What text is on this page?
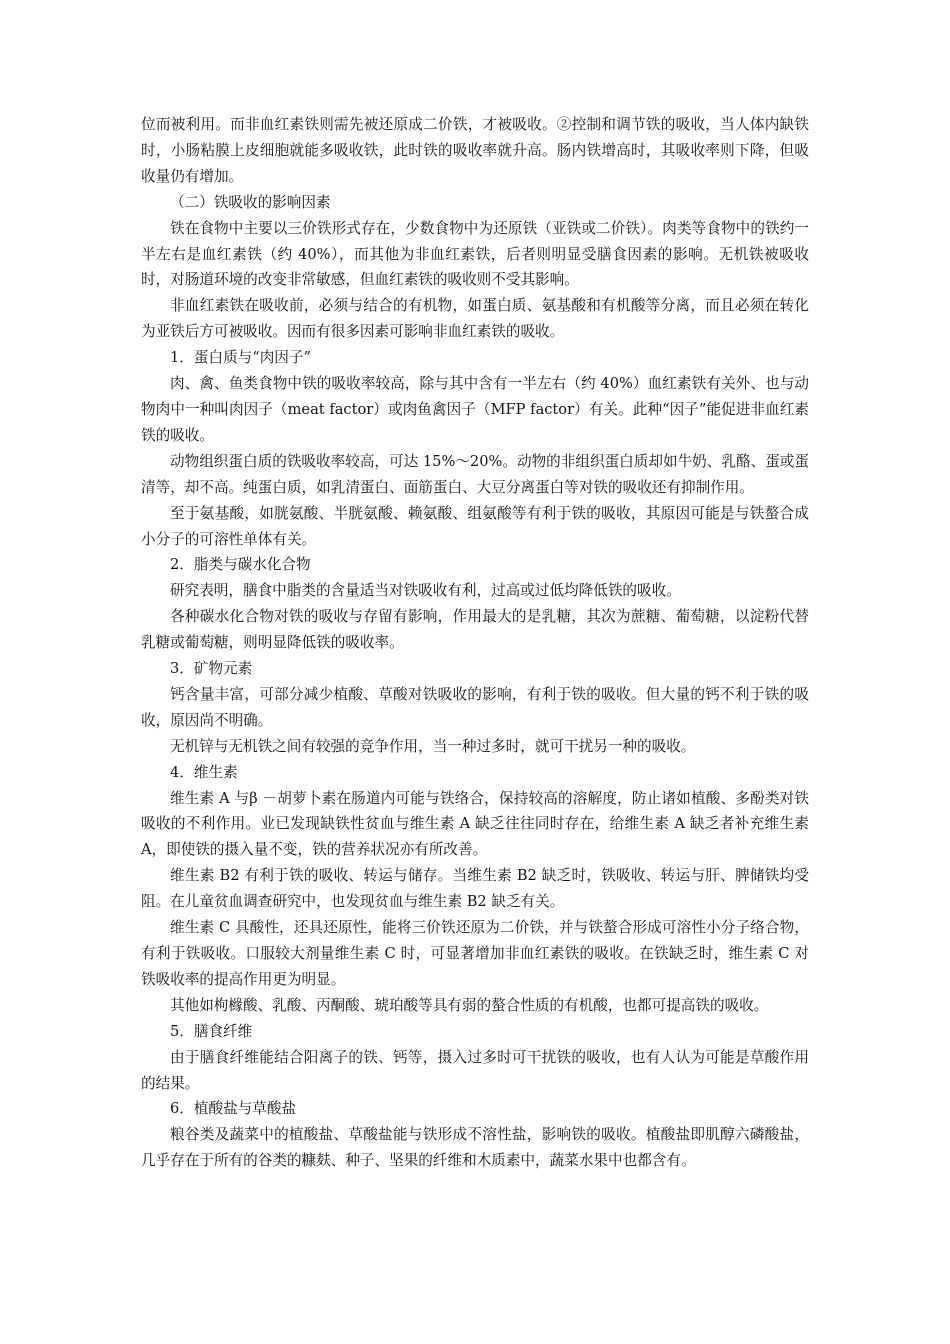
位而被利用。而非血红素铁则需先被还原成二价铁，才被吸收。②控制和调节铁的吸收，当人体内缺铁时，小肠粘膜上皮细胞就能多吸收铁，此时铁的吸收率就升高。肠内铁增高时，其吸收率则下降，但吸收量仍有增加。

（二）铁吸收的影响因素

铁在食物中主要以三价铁形式存在，少数食物中为还原铁（亚铁或二价铁）。肉类等食物中的铁约一半左右是血红素铁（约 40%），而其他为非血红素铁，后者则明显受膳食因素的影响。无机铁被吸收时，对肠道环境的改变非常敏感，但血红素铁的吸收则不受其影响。

非血红素铁在吸收前，必须与结合的有机物，如蛋白质、氨基酸和有机酸等分离，而且必须在转化为亚铁后方可被吸收。因而有很多因素可影响非血红素铁的吸收。

1．蛋白质与“肉因子”

肉、禽、鱼类食物中铁的吸收率较高，除与其中含有一半左右（约 40%）血红素铁有关外、也与动物肉中一种叫肉因子（meat factor）或肉鱼禽因子（MFP factor）有关。此种“因子”能促进非血红素铁的吸收。

动物组织蛋白质的铁吸收率较高，可达 15%～20%。动物的非组织蛋白质却如牛奶、乳酪、蛋或蛋清等，却不高。纯蛋白质，如乳清蛋白、面筋蛋白、大豆分离蛋白等对铁的吸收还有抑制作用。

至于氨基酸，如胱氨酸、半胱氨酸、赖氨酸、组氨酸等有利于铁的吸收，其原因可能是与铁螯合成小分子的可溶性单体有关。

2．脂类与碳水化合物

研究表明，膳食中脂类的含量适当对铁吸收有利，过高或过低均降低铁的吸收。

各种碳水化合物对铁的吸收与存留有影响，作用最大的是乳糖，其次为蔗糖、葡萄糖，以淀粉代替乳糖或葡萄糖，则明显降低铁的吸收率。

3．矿物元素

钙含量丰富，可部分减少植酸、草酸对铁吸收的影响，有利于铁的吸收。但大量的钙不利于铁的吸收，原因尚不明确。

无机锌与无机铁之间有较强的竞争作用，当一种过多时，就可干扰另一种的吸收。

4．维生素

维生素 A 与β －胡萝卜素在肠道内可能与铁络合，保持较高的溶解度，防止诸如植酸、多酚类对铁吸收的不利作用。业已发现缺铁性贫血与维生素 A 缺乏往往同时存在，给维生素 A 缺乏者补充维生素 A，即使铁的摄入量不变，铁的营养状况亦有所改善。

维生素 B2 有利于铁的吸收、转运与储存。当维生素 B2 缺乏时，铁吸收、转运与肝、脾储铁均受阻。在儿童贫血调查研究中，也发现贫血与维生素 B2 缺乏有关。

维生素 C 具酸性，还具还原性，能将三价铁还原为二价铁，并与铁螯合形成可溶性小分子络合物，有利于铁吸收。口服较大剂量维生素 C 时，可显著增加非血红素铁的吸收。在铁缺乏时，维生素 C 对铁吸收率的提高作用更为明显。

其他如枸橼酸、乳酸、丙酮酸、琥珀酸等具有弱的螯合性质的有机酸，也都可提高铁的吸收。

5．膳食纤维

由于膳食纤维能结合阳离子的铁、钙等，摄入过多时可干扰铁的吸收，也有人认为可能是草酸作用的结果。

6．植酸盐与草酸盐

粮谷类及蔬菜中的植酸盐、草酸盐能与铁形成不溶性盐，影响铁的吸收。植酸盐即肌醇六磷酸盐，几乎存在于所有的谷类的糠麸、种子、坚果的纤维和木质素中，蔬菜水果中也都含有。
